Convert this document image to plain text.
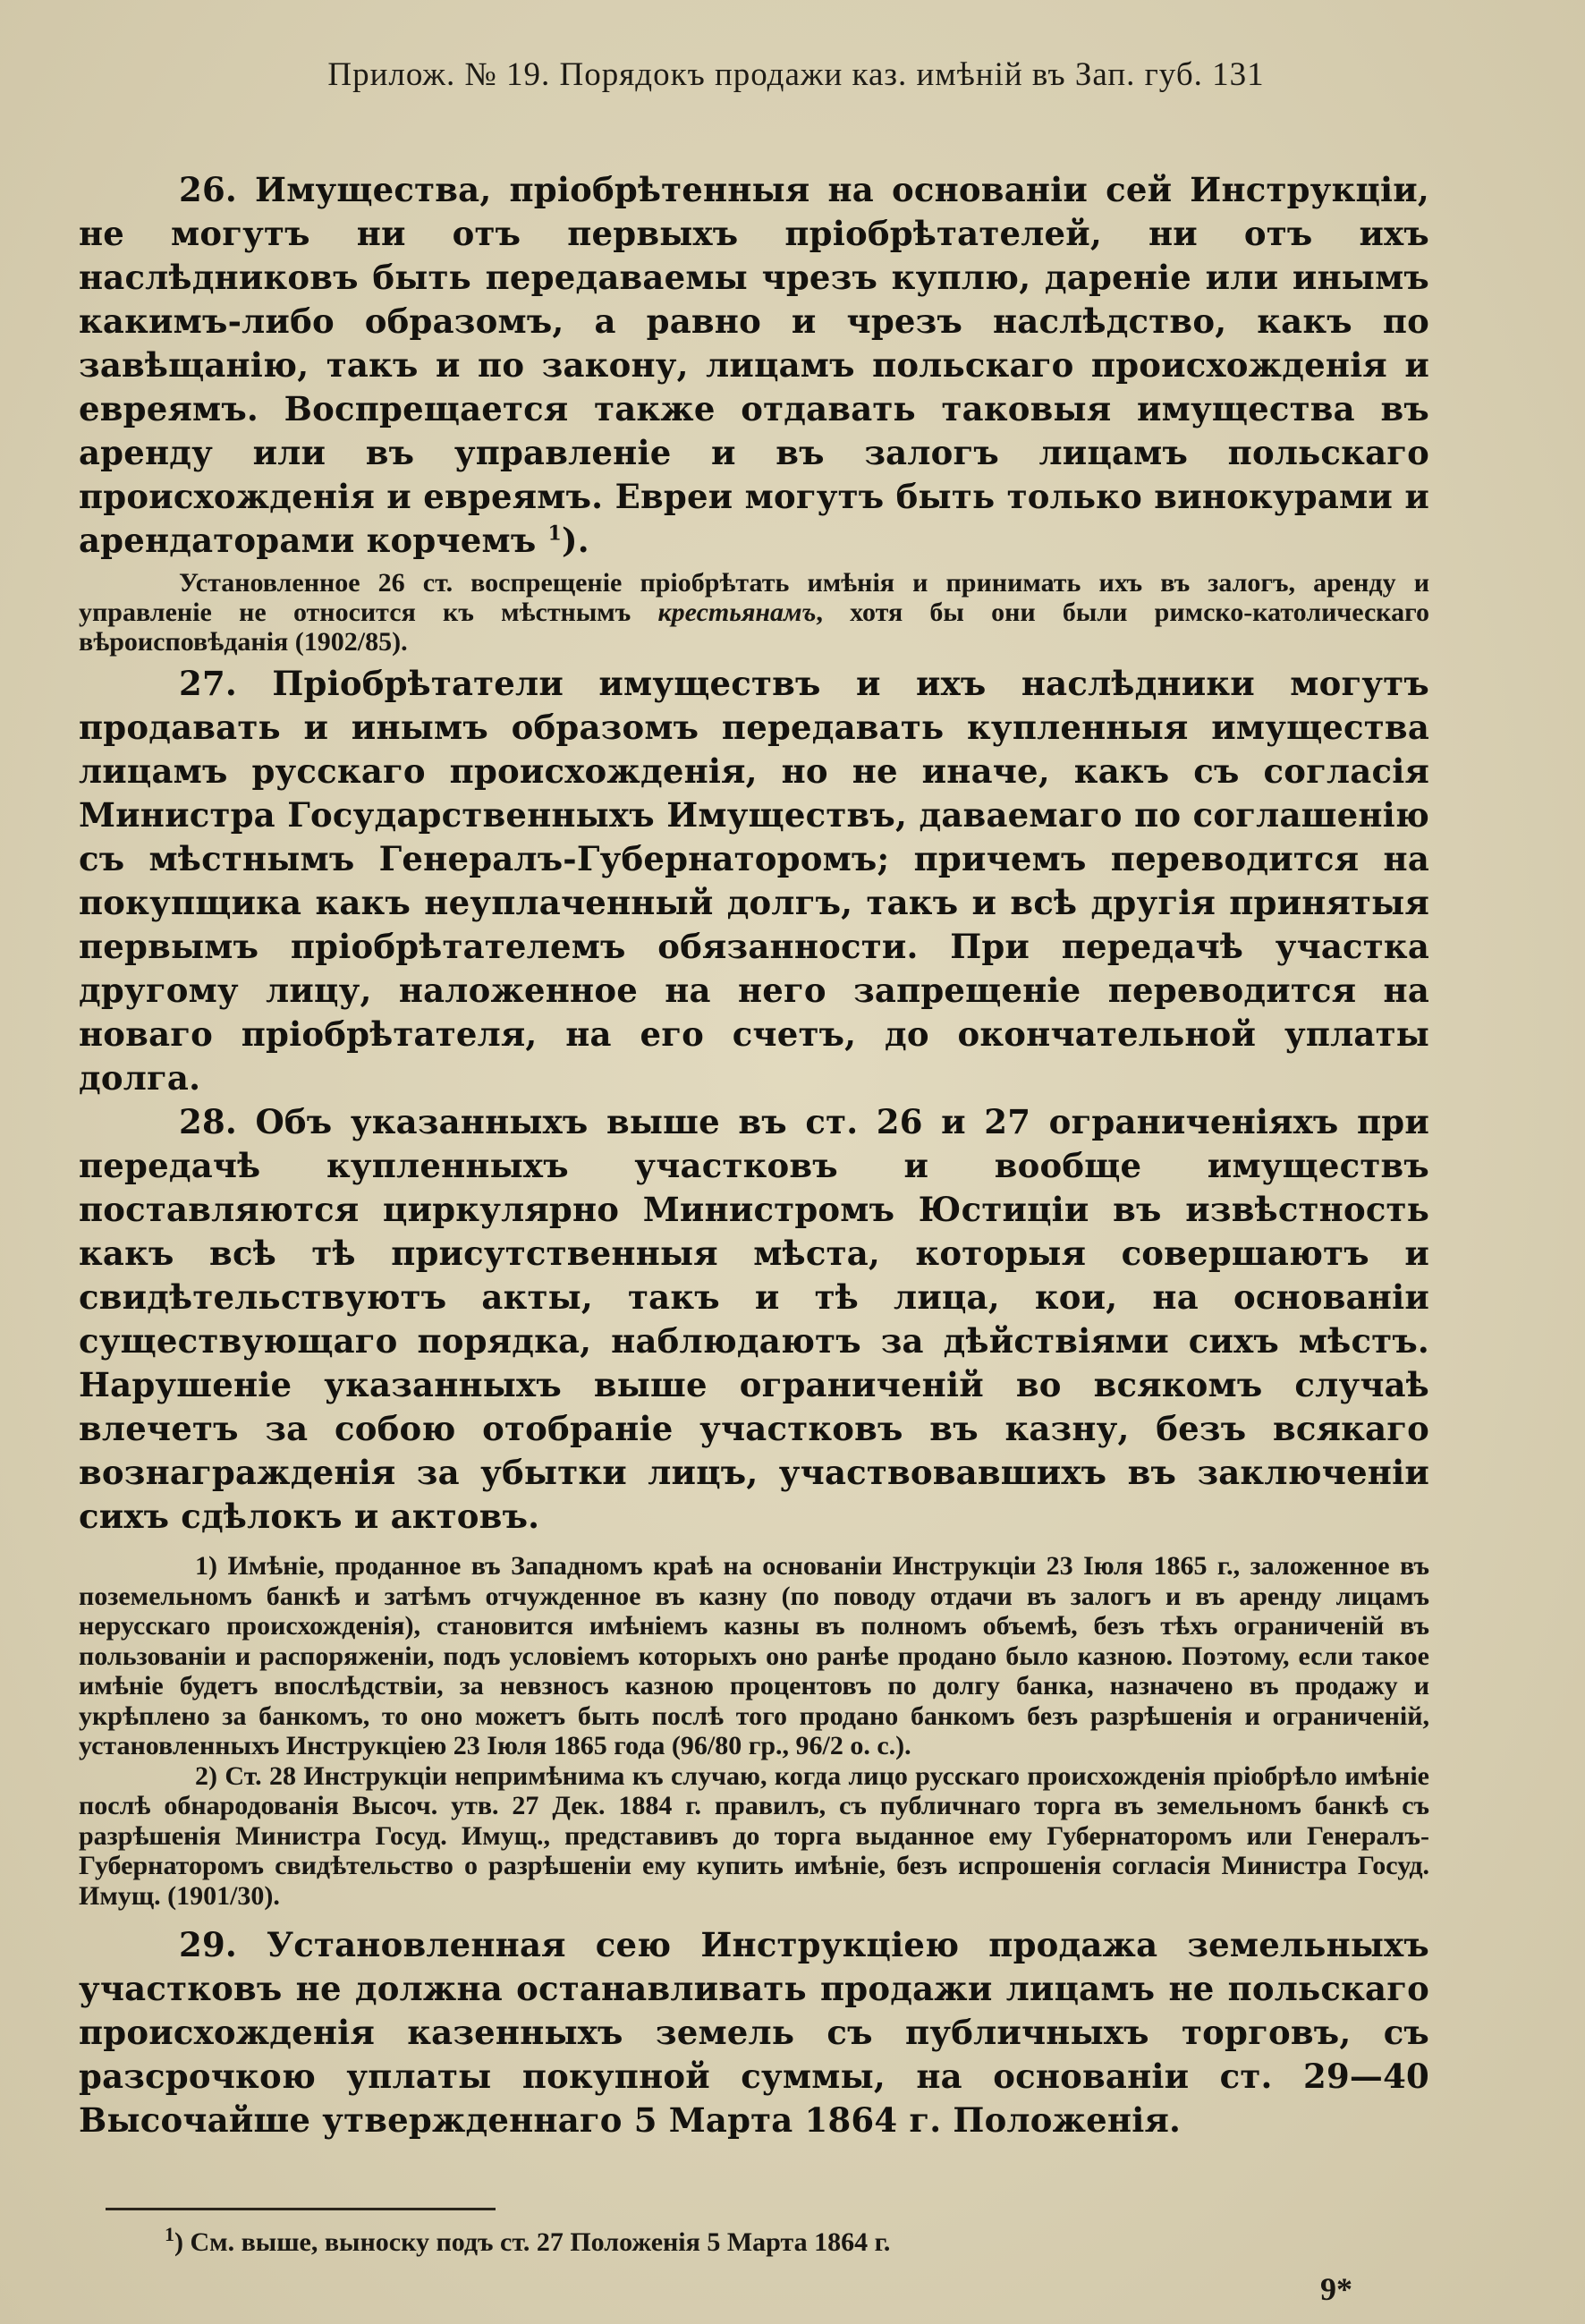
Прилож. № 19. Порядокъ продажи каз. имѣній въ Зап. губ. 131

26. Имущества, пріобрѣтенныя на основаніи сей Инструкціи, не могутъ ни отъ первыхъ пріобрѣтателей, ни отъ ихъ наслѣдниковъ быть передаваемы чрезъ куплю, дареніе или инымъ какимъ-либо образомъ, а равно и чрезъ наслѣдство, какъ по завѣщанію, такъ и по закону, лицамъ польскаго происхожденія и евреямъ. Воспрещается также отдавать таковыя имущества въ аренду или въ управленіе и въ залогъ лицамъ польскаго происхожденія и евреямъ. Евреи могутъ быть только винокурами и арендаторами корчемъ $^1$).

Установленное 26 ст. воспрещеніе пріобрѣтать имѣнія и принимать ихъ въ залогъ, аренду и управленіе не относится къ мѣстнымъ крестьянамъ, хотя бы они были римско-католическаго вѣроисповѣданія (1902/85).

27. Пріобрѣтатели имуществъ и ихъ наслѣдники могутъ продавать и инымъ образомъ передавать купленныя имущества лицамъ русскаго происхожденія, но не иначе, какъ съ согласія Министра Государственныхъ Имуществъ, даваемаго по соглашенію съ мѣстнымъ Генералъ-Губернаторомъ; причемъ переводится на покупщика какъ неуплаченный долгъ, такъ и всѣ другія принятыя первымъ пріобрѣтателемъ обязанности. При передачѣ участка другому лицу, наложенное на него запрещеніе переводится на новаго пріобрѣтателя, на его счетъ, до окончательной уплаты долга.

28. Объ указанныхъ выше въ ст. 26 и 27 ограниченіяхъ при передачѣ купленныхъ участковъ и вообще имуществъ поставляются циркулярно Министромъ Юстиціи въ извѣстность какъ всѣ тѣ присутственныя мѣста, которыя совершаютъ и свидѣтельствуютъ акты, такъ и тѣ лица, кои, на основаніи существующаго порядка, наблюдаютъ за дѣйствіями сихъ мѣстъ. Нарушеніе указанныхъ выше ограниченій во всякомъ случаѣ влечетъ за собою отобраніе участковъ въ казну, безъ всякаго вознагражденія за убытки лицъ, участвовавшихъ въ заключеніи сихъ сдѣлокъ и актовъ.

1) Имѣніе, проданное въ Западномъ краѣ на основаніи Инструкціи 23 Іюля 1865 г., заложенное въ поземельномъ банкѣ и затѣмъ отчужденное въ казну (по поводу отдачи въ залогъ и въ аренду лицамъ нерусскаго происхожденія), становится имѣніемъ казны въ полномъ объемѣ, безъ тѣхъ ограниченій въ пользованіи и распоряженіи, подъ условіемъ которыхъ оно ранѣе продано было казною. Поэтому, если такое имѣніе будетъ впослѣдствіи, за невзносъ казною процентовъ по долгу банка, назначено въ продажу и укрѣплено за банкомъ, то оно можетъ быть послѣ того продано банкомъ безъ разрѣшенія и ограниченій, установленныхъ Инструкціею 23 Іюля 1865 года (96/80 гр., 96/2 о. с.).

2) Ст. 28 Инструкціи непримѣнима къ случаю, когда лицо русскаго происхожденія пріобрѣло имѣніе послѣ обнародованія Высоч. утв. 27 Дек. 1884 г. правилъ, съ публичнаго торга въ земельномъ банкѣ съ разрѣшенія Министра Госуд. Имущ., представивъ до торга выданное ему Губернаторомъ или Генералъ-Губернаторомъ свидѣтельство о разрѣшеніи ему купить имѣніе, безъ испрошенія согласія Министра Госуд. Имущ. (1901/30).

29. Установленная сею Инструкціею продажа земельныхъ участковъ не должна останавливать продажи лицамъ не польскаго происхожденія казенныхъ земель съ публичныхъ торговъ, съ разсрочкою уплаты покупной суммы, на основаніи ст. 29—40 Высочайше утвержденнаго 5 Марта 1864 г. Положенія.

$^1$) См. выше, выноску подъ ст. 27 Положенія 5 Марта 1864 г.
9*
